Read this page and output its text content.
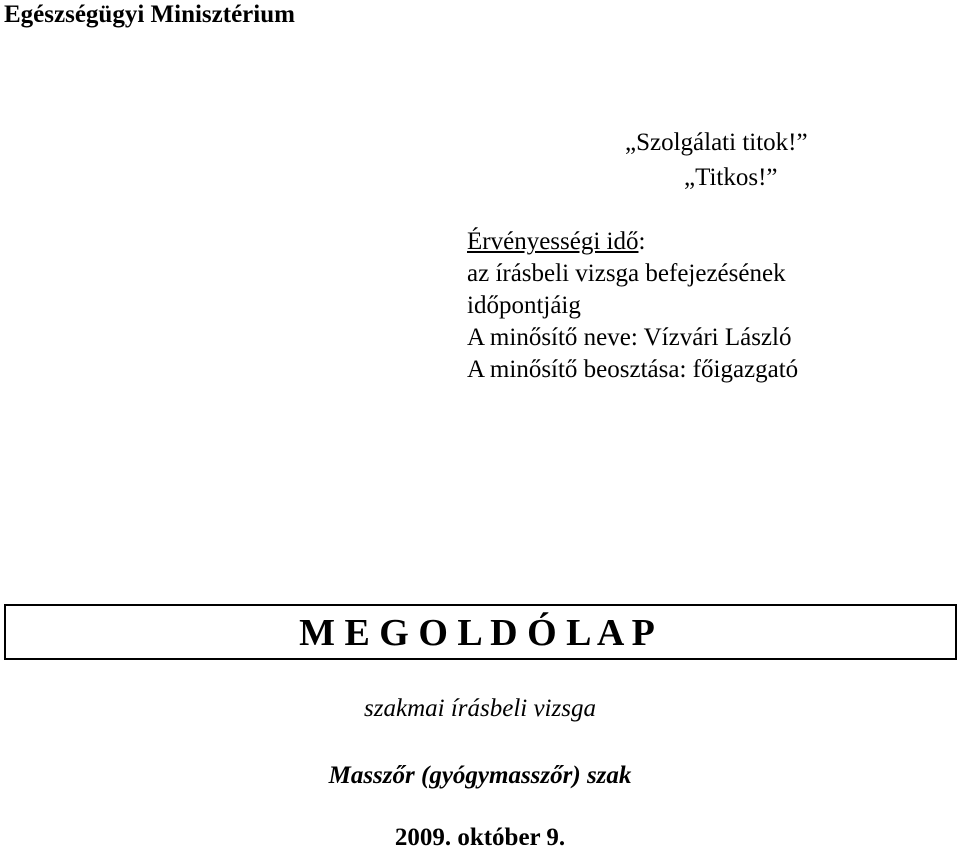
Egészségügyi Minisztérium
„Szolgálati titok!”
„Titkos!”
Érvényességi idő:
az írásbeli vizsga befejezésének
időpontjáig
A minősítő neve: Vízvári László
A minősítő beosztása: főigazgató
M E G O L D Ó L A P
szakmai írásbeli vizsga
Masszőr (gyógymasszőr) szak
2009. október 9.
